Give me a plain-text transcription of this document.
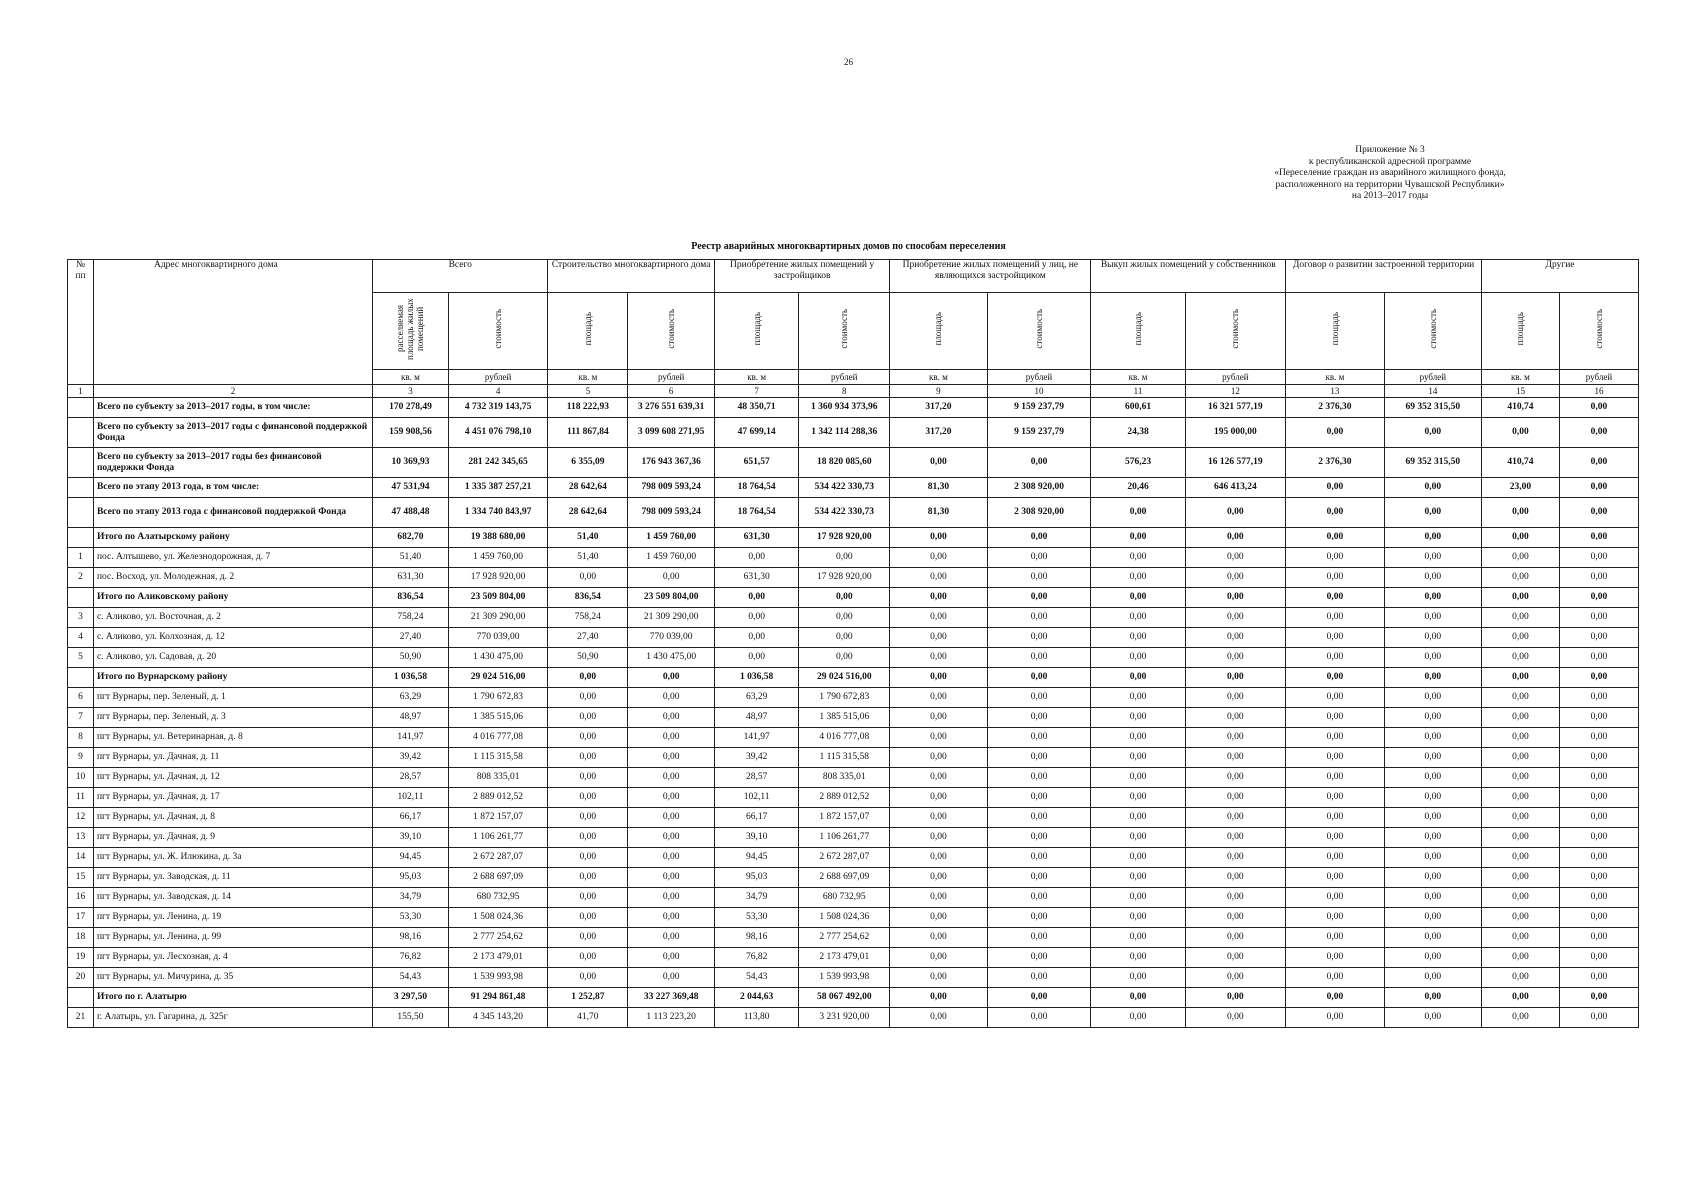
26
Приложение № 3
к республиканской адресной программе
«Переселение граждан из аварийного жилищного фонда,
расположенного на территории Чувашской Республики»
на 2013–2017 годы
Реестр аварийных многоквартирных домов по способам переселения
№ пп	Адрес многоквартирного дома	Всего		Строительство многоквартирного дома		Приобретение жилых помещений у застройщиков		Приобретение жилых помещений у лиц, не являющихся застройщиком		Выкуп жилых помещений у собственников		Договор о развитии застроенной территории		Другие	
		расселяемая площадь жилых помещений	стоимость	площадь	стоимость	площадь	стоимость	площадь	стоимость	площадь	стоимость	площадь	стоимость	площадь	стоимость
		кв. м	рублей	кв. м	рублей	кв. м	рублей	кв. м	рублей	кв. м	рублей	кв. м	рублей	кв. м	рублей
1	2	3	4	5	6	7	8	9	10	11	12	13	14	15	16
	Всего по субъекту за 2013–2017 годы, в том числе:	170 278,49	4 732 319 143,75	118 222,93	3 276 551 639,31	48 350,71	1 360 934 373,96	317,20	9 159 237,79	600,61	16 321 577,19	2 376,30	69 352 315,50	410,74	0,00
	Всего по субъекту за 2013–2017 годы с финансовой поддержкой Фонда	159 908,56	4 451 076 798,10	111 867,84	3 099 608 271,95	47 699,14	1 342 114 288,36	317,20	9 159 237,79	24,38	195 000,00	0,00	0,00	0,00	0,00
	Всего по субъекту за 2013–2017 годы без финансовой поддержки Фонда	10 369,93	281 242 345,65	6 355,09	176 943 367,36	651,57	18 820 085,60	0,00	0,00	576,23	16 126 577,19	2 376,30	69 352 315,50	410,74	0,00
	Всего по этапу 2013 года, в том числе:	47 531,94	1 335 387 257,21	28 642,64	798 009 593,24	18 764,54	534 422 330,73	81,30	2 308 920,00	20,46	646 413,24	0,00	0,00	23,00	0,00
	Всего по этапу 2013 года с финансовой поддержкой Фонда	47 488,48	1 334 740 843,97	28 642,64	798 009 593,24	18 764,54	534 422 330,73	81,30	2 308 920,00	0,00	0,00	0,00	0,00	0,00	0,00
	Итого по Алатырскому району	682,70	19 388 680,00	51,40	1 459 760,00	631,30	17 928 920,00	0,00	0,00	0,00	0,00	0,00	0,00	0,00	0,00
1	пос. Алтышево, ул. Железнодорожная, д. 7	51,40	1 459 760,00	51,40	1 459 760,00	0,00	0,00	0,00	0,00	0,00	0,00	0,00	0,00	0,00	0,00
2	пос. Восход, ул. Молодежная, д. 2	631,30	17 928 920,00	0,00	0,00	631,30	17 928 920,00	0,00	0,00	0,00	0,00	0,00	0,00	0,00	0,00
	Итого по Аликовскому району	836,54	23 509 804,00	836,54	23 509 804,00	0,00	0,00	0,00	0,00	0,00	0,00	0,00	0,00	0,00	0,00
3	с. Аликово, ул. Восточная, д. 2	758,24	21 309 290,00	758,24	21 309 290,00	0,00	0,00	0,00	0,00	0,00	0,00	0,00	0,00	0,00	0,00
4	с. Аликово, ул. Колхозная, д. 12	27,40	770 039,00	27,40	770 039,00	0,00	0,00	0,00	0,00	0,00	0,00	0,00	0,00	0,00	0,00
5	с. Аликово, ул. Садовая, д. 20	50,90	1 430 475,00	50,90	1 430 475,00	0,00	0,00	0,00	0,00	0,00	0,00	0,00	0,00	0,00	0,00
	Итого по Вурнарскому району	1 036,58	29 024 516,00	0,00	0,00	1 036,58	29 024 516,00	0,00	0,00	0,00	0,00	0,00	0,00	0,00	0,00
6	пгт Вурнары, пер. Зеленый, д. 1	63,29	1 790 672,83	0,00	0,00	63,29	1 790 672,83	0,00	0,00	0,00	0,00	0,00	0,00	0,00	0,00
7	пгт Вурнары, пер. Зеленый, д. 3	48,97	1 385 515,06	0,00	0,00	48,97	1 385 515,06	0,00	0,00	0,00	0,00	0,00	0,00	0,00	0,00
8	пгт Вурнары, ул. Ветеринарная, д. 8	141,97	4 016 777,08	0,00	0,00	141,97	4 016 777,08	0,00	0,00	0,00	0,00	0,00	0,00	0,00	0,00
9	пгт Вурнары, ул. Дачная, д. 11	39,42	1 115 315,58	0,00	0,00	39,42	1 115 315,58	0,00	0,00	0,00	0,00	0,00	0,00	0,00	0,00
10	пгт Вурнары, ул. Дачная, д. 12	28,57	808 335,01	0,00	0,00	28,57	808 335,01	0,00	0,00	0,00	0,00	0,00	0,00	0,00	0,00
11	пгт Вурнары, ул. Дачная, д. 17	102,11	2 889 012,52	0,00	0,00	102,11	2 889 012,52	0,00	0,00	0,00	0,00	0,00	0,00	0,00	0,00
12	пгт Вурнары, ул. Дачная, д. 8	66,17	1 872 157,07	0,00	0,00	66,17	1 872 157,07	0,00	0,00	0,00	0,00	0,00	0,00	0,00	0,00
13	пгт Вурнары, ул. Дачная, д. 9	39,10	1 106 261,77	0,00	0,00	39,10	1 106 261,77	0,00	0,00	0,00	0,00	0,00	0,00	0,00	0,00
14	пгт Вурнары, ул. Ж. Илюкина, д. 3а	94,45	2 672 287,07	0,00	0,00	94,45	2 672 287,07	0,00	0,00	0,00	0,00	0,00	0,00	0,00	0,00
15	пгт Вурнары, ул. Заводская, д. 11	95,03	2 688 697,09	0,00	0,00	95,03	2 688 697,09	0,00	0,00	0,00	0,00	0,00	0,00	0,00	0,00
16	пгт Вурнары, ул. Заводская, д. 14	34,79	680 732,95	0,00	0,00	34,79	680 732,95	0,00	0,00	0,00	0,00	0,00	0,00	0,00	0,00
17	пгт Вурнары, ул. Ленина, д. 19	53,30	1 508 024,36	0,00	0,00	53,30	1 508 024,36	0,00	0,00	0,00	0,00	0,00	0,00	0,00	0,00
18	пгт Вурнары, ул. Ленина, д. 99	98,16	2 777 254,62	0,00	0,00	98,16	2 777 254,62	0,00	0,00	0,00	0,00	0,00	0,00	0,00	0,00
19	пгт Вурнары, ул. Лесхозная, д. 4	76,82	2 173 479,01	0,00	0,00	76,82	2 173 479,01	0,00	0,00	0,00	0,00	0,00	0,00	0,00	0,00
20	пгт Вурнары, ул. Мичурина, д. 35	54,43	1 539 993,98	0,00	0,00	54,43	1 539 993,98	0,00	0,00	0,00	0,00	0,00	0,00	0,00	0,00
	Итого по г. Алатырю	3 297,50	91 294 861,48	1 252,87	33 227 369,48	2 044,63	58 067 492,00	0,00	0,00	0,00	0,00	0,00	0,00	0,00	0,00
21	г. Алатырь, ул. Гагарина, д. 325г	155,50	4 345 143,20	41,70	1 113 223,20	113,80	3 231 920,00	0,00	0,00	0,00	0,00	0,00	0,00	0,00	0,00
